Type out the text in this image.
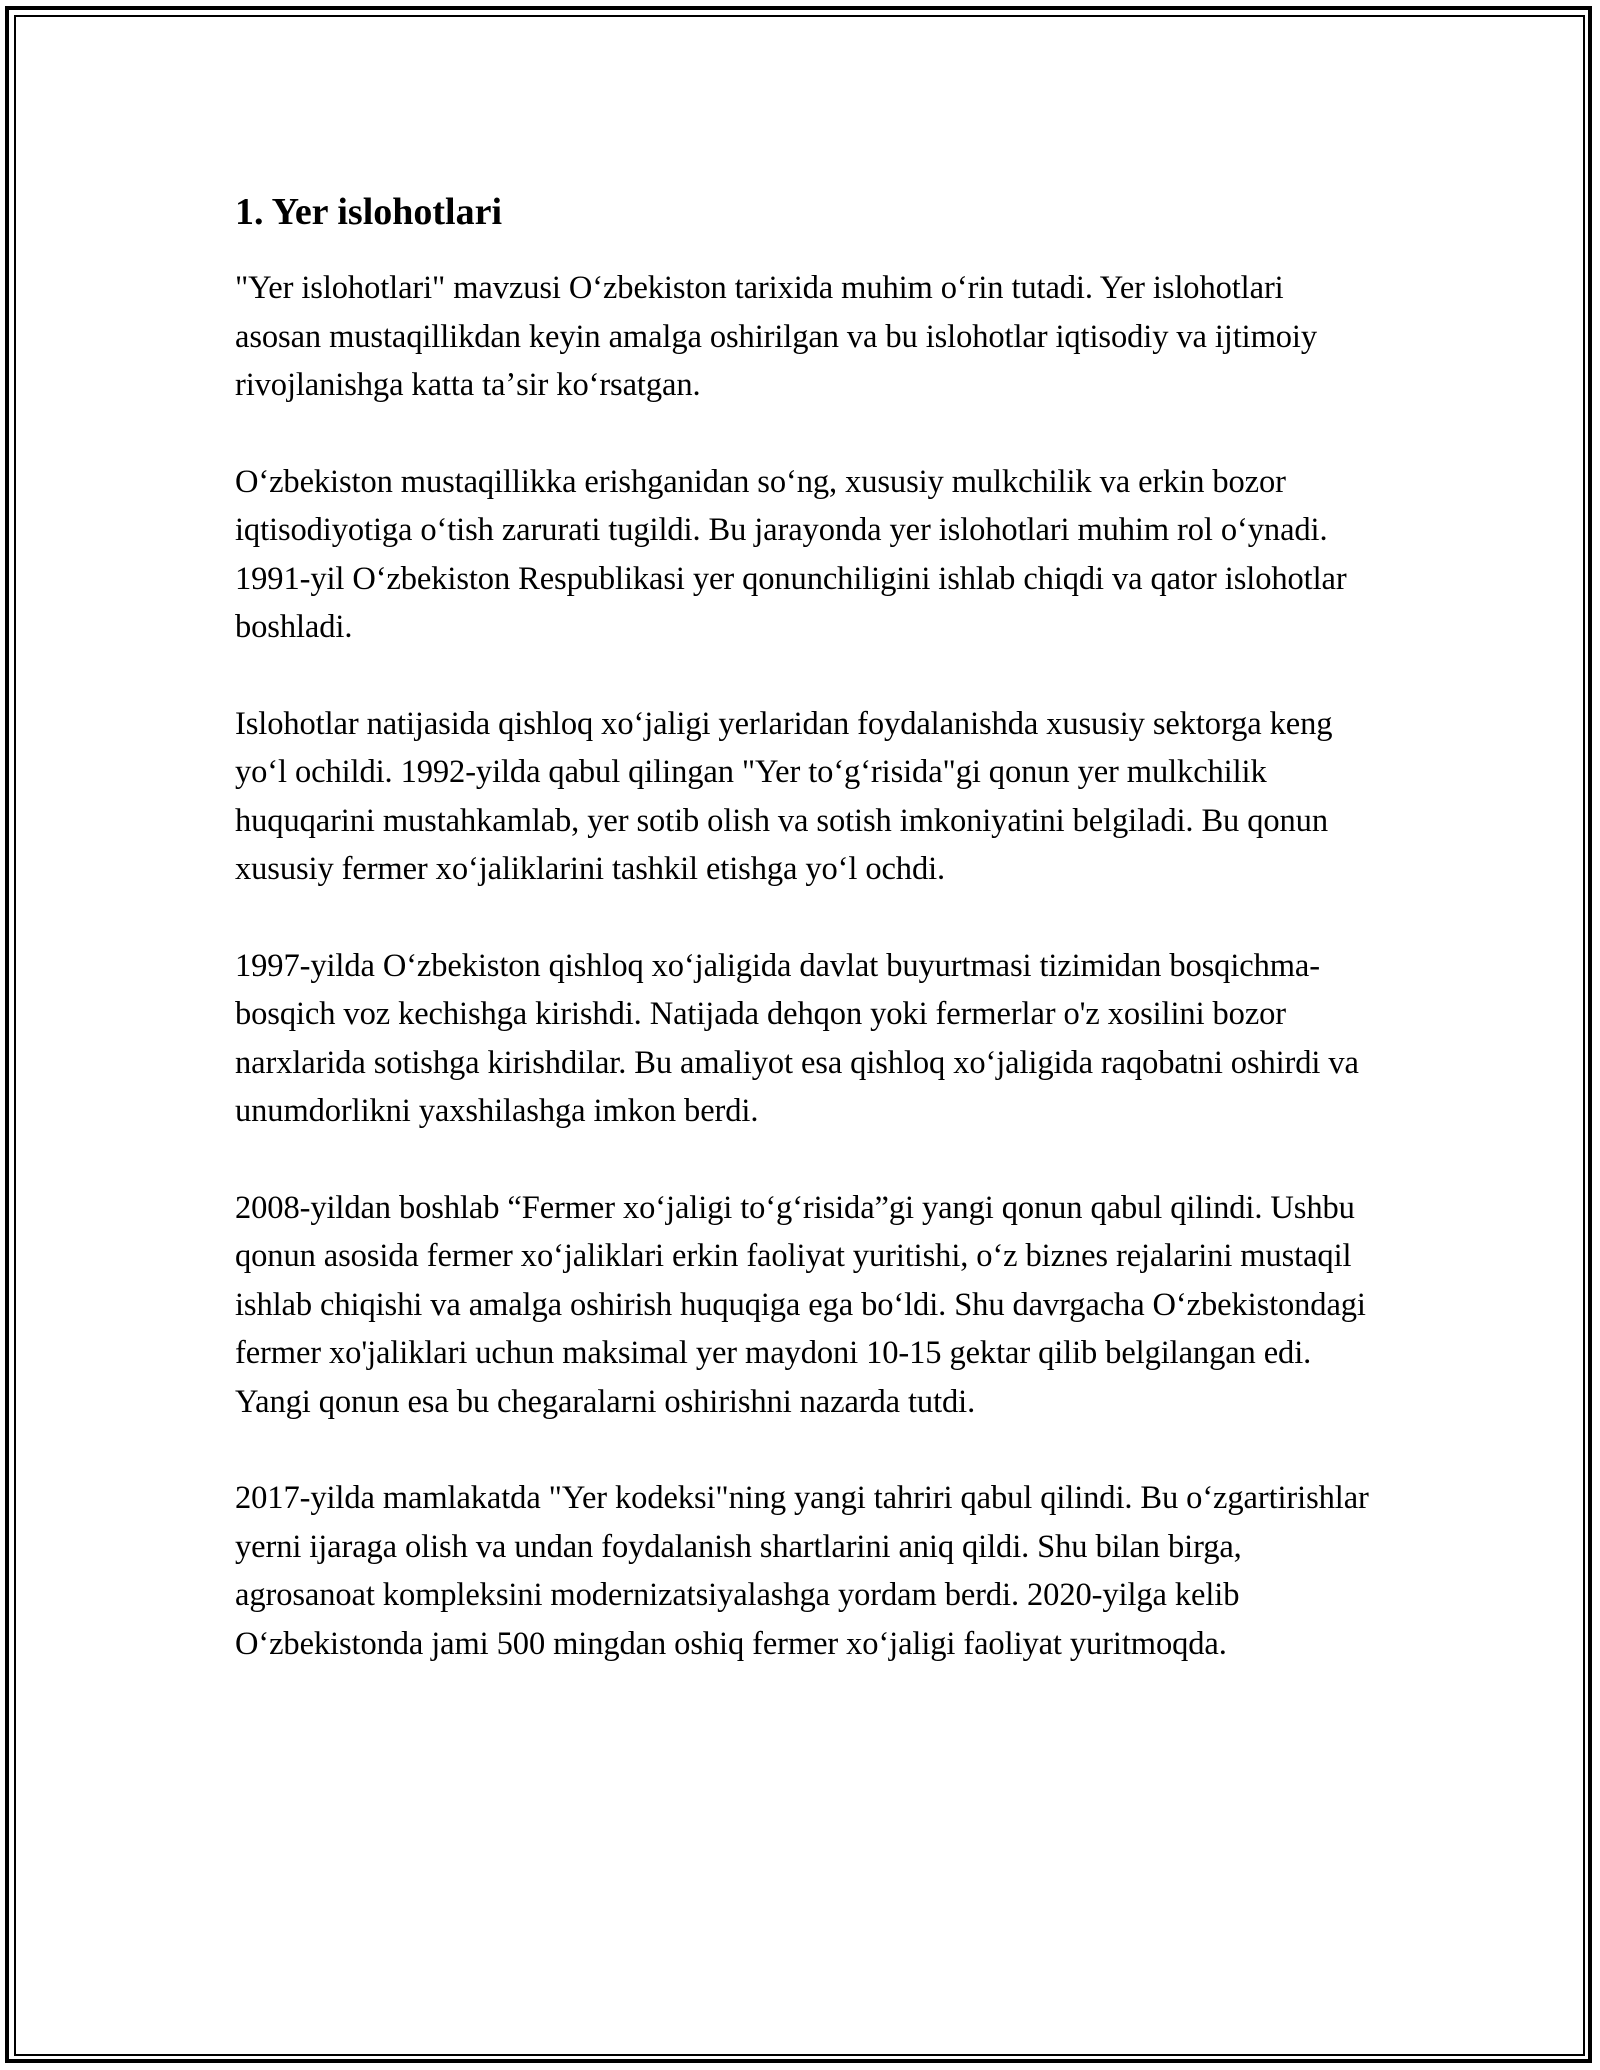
1. Yer islohotlari

"Yer islohotlari" mavzusi Oʻzbekiston tarixida muhim oʻrin tutadi. Yer islohotlari asosan mustaqillikdan keyin amalga oshirilgan va bu islohotlar iqtisodiy va ijtimoiy rivojlanishga katta taʼsir koʻrsatgan.

Oʻzbekiston mustaqillikka erishganidan soʻng, xususiy mulkchilik va erkin bozor iqtisodiyotiga oʻtish zarurati tugildi. Bu jarayonda yer islohotlari muhim rol oʻynadi. 1991-yil Oʻzbekiston Respublikasi yer qonunchiligini ishlab chiqdi va qator islohotlar boshladi.

Islohotlar natijasida qishloq xoʻjaligi yerlaridan foydalanishda xususiy sektorga keng yoʻl ochildi. 1992-yilda qabul qilingan "Yer toʻgʻrisida"gi qonun yer mulkchilik huquqarini mustahkamlab, yer sotib olish va sotish imkoniyatini belgiladi. Bu qonun xususiy fermer xoʻjaliklarini tashkil etishga yoʻl ochdi.

1997-yilda Oʻzbekiston qishloq xoʻjaligida davlat buyurtmasi tizimidan bosqichma-bosqich voz kechishga kirishdi. Natijada dehqon yoki fermerlar o'z xosilini bozor narxlarida sotishga kirishdilar. Bu amaliyot esa qishloq xoʻjaligida raqobatni oshirdi va unumdorlikni yaxshilashga imkon berdi.

2008-yildan boshlab “Fermer xoʻjaligi toʻgʻrisida”gi yangi qonun qabul qilindi. Ushbu qonun asosida fermer xoʻjaliklari erkin faoliyat yuritishi, oʻz biznes rejalarini mustaqil ishlab chiqishi va amalga oshirish huquqiga ega boʻldi. Shu davrgacha Oʻzbekistondagi fermer xo'jaliklari uchun maksimal yer maydoni 10-15 gektar qilib belgilangan edi. Yangi qonun esa bu chegaralarni oshirishni nazarda tutdi.

2017-yilda mamlakatda "Yer kodeksi"ning yangi tahriri qabul qilindi. Bu oʻzgartirishlar yerni ijaraga olish va undan foydalanish shartlarini aniq qildi. Shu bilan birga, agrosanoat kompleksini modernizatsiyalashga yordam berdi. 2020-yilga kelib Oʻzbekistonda jami 500 mingdan oshiq fermer xoʻjaligi faoliyat yuritmoqda.
